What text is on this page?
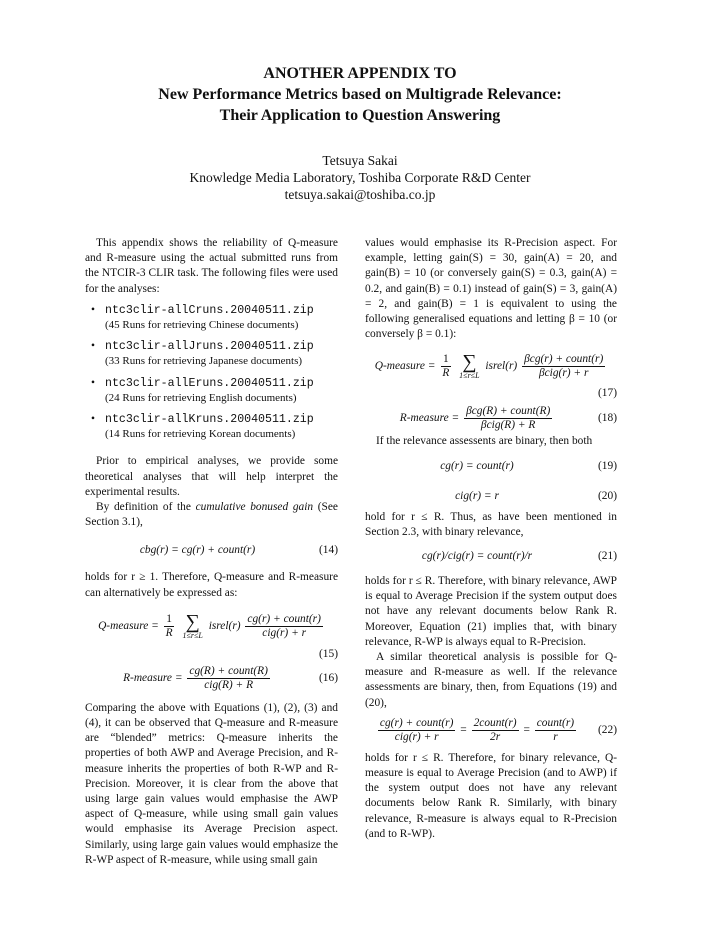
ANOTHER APPENDIX TO
New Performance Metrics based on Multigrade Relevance:
Their Application to Question Answering
Tetsuya Sakai
Knowledge Media Laboratory, Toshiba Corporate R&D Center
tetsuya.sakai@toshiba.co.jp

This appendix shows the reliability of Q-measure and R-measure using the actual submitted runs from the NTCIR-3 CLIR task. The following files were used for the analyses:

• ntc3clir-allCruns.20040511.zip
(45 Runs for retrieving Chinese documents)
• ntc3clir-allJruns.20040511.zip
(33 Runs for retrieving Japanese documents)
• ntc3clir-allEruns.20040511.zip
(24 Runs for retrieving English documents)
• ntc3clir-allKruns.20040511.zip
(14 Runs for retrieving Korean documents)

Prior to empirical analyses, we provide some theoretical analyses that will help interpret the experimental results.

By definition of the cumulative bonused gain (See Section 3.1),

cbg(r) = cg(r) + count(r)	(14)

holds for r ≥ 1. Therefore, Q-measure and R-measure can alternatively be expressed as:

Q-measure = $\frac{1}{R}$
∑
1≤r≤L
isrel(r) $\frac{\text{cg(r) + count(r)}}{\text{cig(r) + r}}$
(15)
R-measure = $\frac{\text{cg(R) + count(R)}}{\text{cig(R) + R}}$	(16)

Comparing the above with Equations (1), (2), (3) and (4), it can be observed that Q-measure and R-measure are “blended” metrics: Q-measure inherits the properties of both AWP and Average Precision, and R-measure inherits the properties of both R-WP and R-Precision. Moreover, it is clear from the above that using large gain values would emphasise the AWP aspect of Q-measure, while using small gain values would emphasise its Average Precision aspect. Similarly, using large gain values would emphasize the R-WP aspect of R-measure, while using small gain

values would emphasise its R-Precision aspect. For example, letting gain(S) = 30, gain(A) = 20, and gain(B) = 10 (or conversely gain(S) = 0.3, gain(A) = 0.2, and gain(B) = 0.1) instead of gain(S) = 3, gain(A) = 2, and gain(B) = 1 is equivalent to using the following generalised equations and letting β = 10 (or conversely β = 0.1):

Q-measure = $\frac{1}{R}$
∑
1≤r≤L
isrel(r) $\frac{\text{βcg(r) + count(r)}}{\text{βcig(r) + r}}$
(17)
R-measure = $\frac{\text{βcg(R) + count(R)}}{\text{βcig(R) + R}}$	(18)

If the relevance assessents are binary, then both

cg(r) = count(r)	(19)
cig(r) = r	(20)

hold for r ≤ R. Thus, as have been mentioned in Section 2.3, with binary relevance,

cg(r)/cig(r) = count(r)/r	(21)

holds for r ≤ R. Therefore, with binary relevance, AWP is equal to Average Precision if the system output does not have any relevant documents below Rank R. Moreover, Equation (21) implies that, with binary relevance, R-WP is always equal to R-Precision.

A similar theoretical analysis is possible for Q-measure and R-measure as well. If the relevance assessments are binary, then, from Equations (19) and (20),

$\frac{\text{cg(r) + count(r)}}{\text{cig(r) + r}} = \frac{\text{2count(r)}}{2r} = \frac{\text{count(r)}}{r}$	(22)

holds for r ≤ R. Therefore, for binary relevance, Q-measure is equal to Average Precision (and to AWP) if the system output does not have any relevant documents below Rank R. Similarly, with binary relevance, R-measure is always equal to R-Precision (and to R-WP).
